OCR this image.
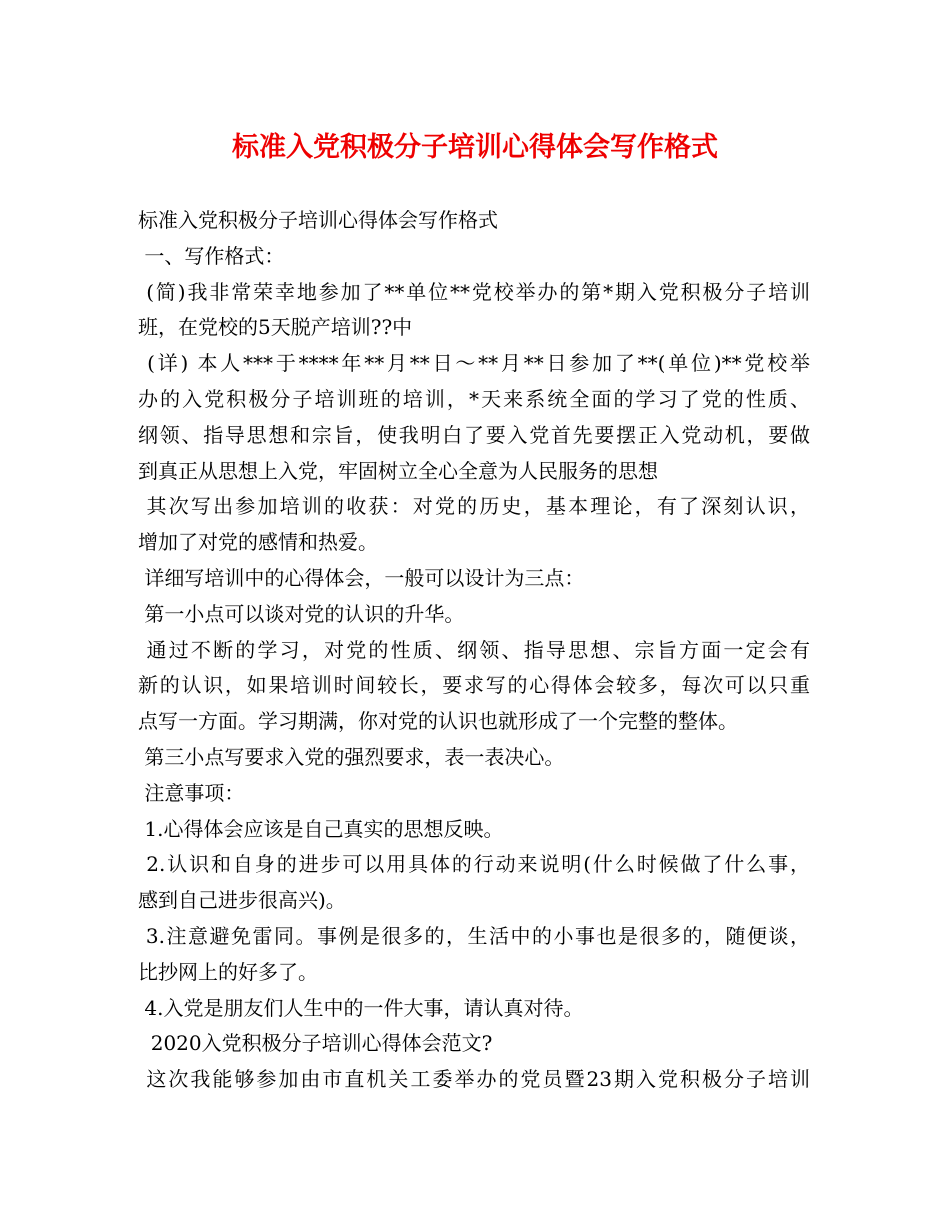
标准入党积极分子培训心得体会写作格式
标准入党积极分子培训心得体会写作格式
一、写作格式：
(简)我非常荣幸地参加了**单位**党校举办的第*期入党积极分子培训
班，在党校的5天脱产培训??中
(详) 本人***于****年**月**日～**月**日参加了**(单位)**党校举
办的入党积极分子培训班的培训，*天来系统全面的学习了党的性质、
纲领、指导思想和宗旨，使我明白了要入党首先要摆正入党动机，要做
到真正从思想上入党，牢固树立全心全意为人民服务的思想
其次写出参加培训的收获：对党的历史，基本理论，有了深刻认识，
增加了对党的感情和热爱。
详细写培训中的心得体会，一般可以设计为三点：
第一小点可以谈对党的认识的升华。
通过不断的学习，对党的性质、纲领、指导思想、宗旨方面一定会有
新的认识，如果培训时间较长，要求写的心得体会较多，每次可以只重
点写一方面。学习期满，你对党的认识也就形成了一个完整的整体。
第三小点写要求入党的强烈要求，表一表决心。
注意事项：
1.心得体会应该是自己真实的思想反映。
2.认识和自身的进步可以用具体的行动来说明(什么时候做了什么事，
感到自己进步很高兴)。
3.注意避免雷同。事例是很多的，生活中的小事也是很多的，随便谈，
比抄网上的好多了。
4.入党是朋友们人生中的一件大事，请认真对待。
2020入党积极分子培训心得体会范文?
这次我能够参加由市直机关工委举办的党员暨23期入党积极分子培训
